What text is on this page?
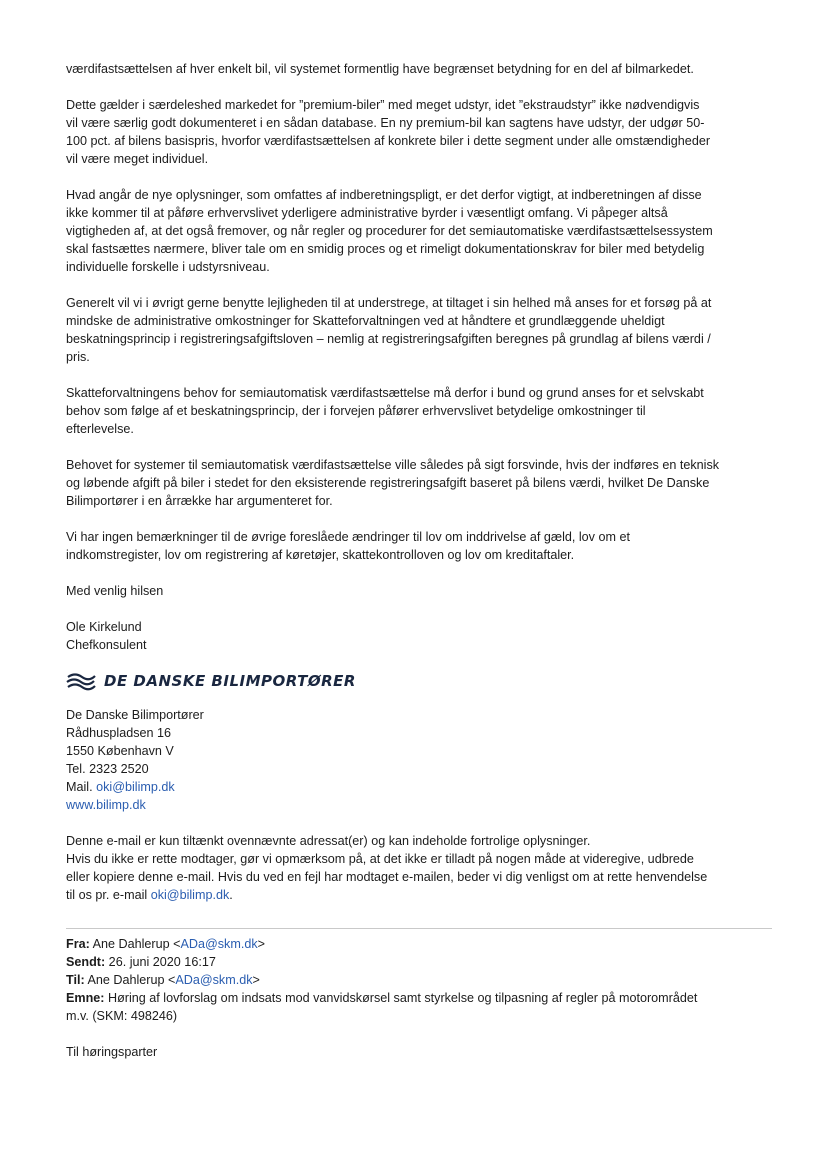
værdifastsættelsen af hver enkelt bil, vil systemet formentlig have begrænset betydning for en del af bilmarkedet.
Dette gælder i særdeleshed markedet for ”premium-biler” med meget udstyr, idet ”ekstraudstyr” ikke nødvendigvis
vil være særlig godt dokumenteret i en sådan database. En ny premium-bil kan sagtens have udstyr, der udgør 50-
100 pct. af bilens basispris, hvorfor værdifastsættelsen af konkrete biler i dette segment under alle omstændigheder
vil være meget individuel.
Hvad angår de nye oplysninger, som omfattes af indberetningspligt, er det derfor vigtigt, at indberetningen af disse
ikke kommer til at påføre erhvervslivet yderligere administrative byrder i væsentligt omfang. Vi påpeger altså
vigtigheden af, at det også fremover, og når regler og procedurer for det semiautomatiske værdifastsættelsessystem
skal fastsættes nærmere, bliver tale om en smidig proces og et rimeligt dokumentationskrav for biler med betydelig
individuelle forskelle i udstyrsniveau.
Generelt vil vi i øvrigt gerne benytte lejligheden til at understrege, at tiltaget i sin helhed må anses for et forsøg på at
mindske de administrative omkostninger for Skatteforvaltningen ved at håndtere et grundlæggende uheldigt
beskatningsprincip i registreringsafgiftsloven – nemlig at registreringsafgiften beregnes på grundlag af bilens værdi /
pris.
Skatteforvaltningens behov for semiautomatisk værdifastsættelse må derfor i bund og grund anses for et selvskabt
behov som følge af et beskatningsprincip, der i forvejen påfører erhvervslivet betydelige omkostninger til
efterlevelse.
Behovet for systemer til semiautomatisk værdifastsættelse ville således på sigt forsvinde, hvis der indføres en teknisk
og løbende afgift på biler i stedet for den eksisterende registreringsafgift baseret på bilens værdi, hvilket De Danske
Bilimportører i en årrække har argumenteret for.
Vi har ingen bemærkninger til de øvrige foreslåede ændringer til lov om inddrivelse af gæld, lov om et
indkomstregister, lov om registrering af køretøjer, skattekontrolloven og lov om kreditaftaler.
Med venlig hilsen
Ole Kirkelund
Chefkonsulent
DE DANSKE BILIMPORTØRER
De Danske Bilimportører
Rådhuspladsen 16
1550 København V
Tel. 2323 2520
Mail. oki@bilimp.dk
www.bilimp.dk
Denne e-mail er kun tiltænkt ovennævnte adressat(er) og kan indeholde fortrolige oplysninger.
Hvis du ikke er rette modtager, gør vi opmærksom på, at det ikke er tilladt på nogen måde at videregive, udbrede
eller kopiere denne e-mail. Hvis du ved en fejl har modtaget e-mailen, beder vi dig venligst om at rette henvendelse
til os pr. e-mail oki@bilimp.dk.
Fra: Ane Dahlerup <ADa@skm.dk>
Sendt: 26. juni 2020 16:17
Til: Ane Dahlerup <ADa@skm.dk>
Emne: Høring af lovforslag om indsats mod vanvidskørsel samt styrkelse og tilpasning af regler på motorområdet
m.v. (SKM: 498246)
Til høringsparter
